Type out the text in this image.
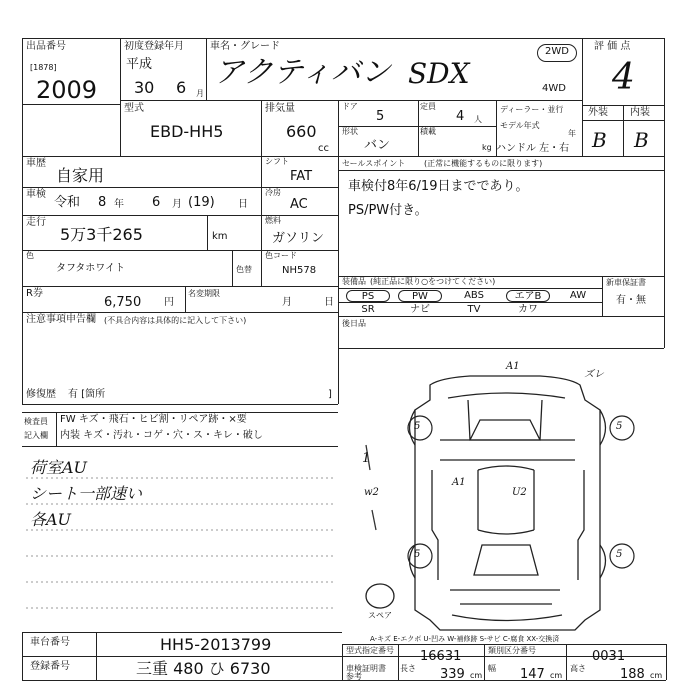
出品番号
[1878]
2009
初度登録年月
平成
30 6 月
車名・グレード
アクティバン SDX
2WD
4WD
評 価 点
4
外装 内装
B B
型式
EBD-HH5
排気量
660
cc
ドア
5
定員
4 人
形状
バン
積載
kg
ディーラー・並行
モデル年式
年
ハンドル 左・右
車歴
自家用
車検
令和 8 年 6 月 (19) 日
走行
5万3千265	km
シフト
FAT
冷房
AC
燃料
ガソリン
色
タフタホワイト	色替
色コード
NH578
R券
6,750 円
名変期限
月	日
注意事項申告欄 (不具合内容は具体的に記入して下さい)
修復歴 有 [箇所	]
セールスポイント (正常に機能するものに限ります)
車検付8年6/19日までであり。
PS/PW付き。
装備品 (純正品に限り○をつけてください)	新車保証書
有・無
後日品
PS	PW	ABS	エアB	AW
SR	ナビ	TV	カワ
検査員
記入欄
FW キズ・飛石・ヒビ割・リペア跡・×要
内装 キズ・汚れ・コゲ・穴・ス・キレ・破し
荷室AU
シート一部速い
各AU
5	5
5	5
スペア
A1
ズレ
A1
U2
1
w2
A-キズ E-エクボ U-凹み W-補修跡 S-サビ C-腐食 XX-交換済
車台番号	HH5-2013799
登録番号	三重 480 ひ 6730
型式指定番号 16631	類別区分番号	0031
車検証明書参考
長さ 339 cm
幅 147 cm
高さ	188 cm
